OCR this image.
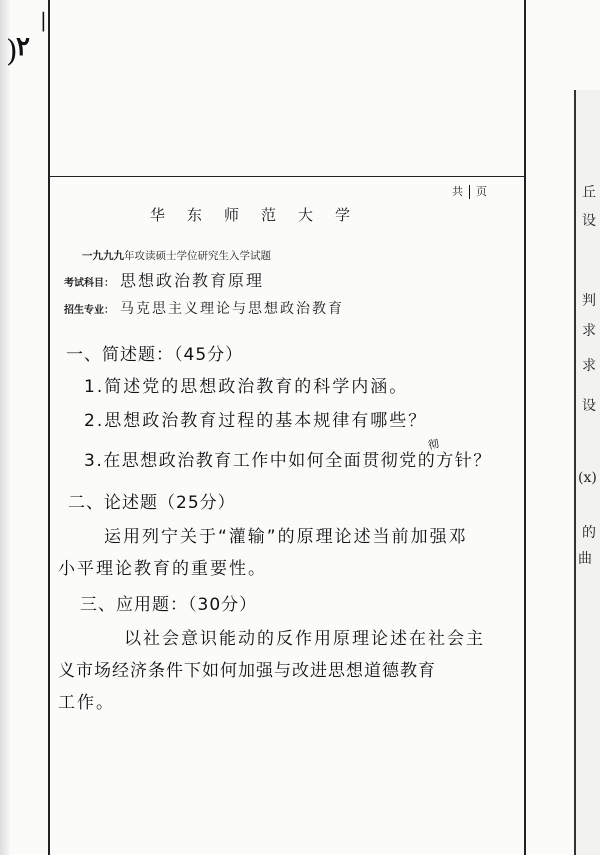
)
|
٢
丘
设
判
求
求
设
(x)
的
曲
共 页
华东师范大学
一九九九年攻读硕士学位研究生入学试题
考试科目： 思想政治教育原理
招生专业： 马克思主义理论与思想政治教育
一、简述题：（45分）
1.简述党的思想政治教育的科学内涵。
2.思想政治教育过程的基本规律有哪些？
3.在思想政治教育工作中如何全面贯彻党的方针？
彻
二、论述题（25分）
运用列宁关于“灌输”的原理论述当前加强邓
小平理论教育的重要性。
三、应用题：（30分）
以社会意识能动的反作用原理论述在社会主
义市场经济条件下如何加强与改进思想道德教育
工作。
